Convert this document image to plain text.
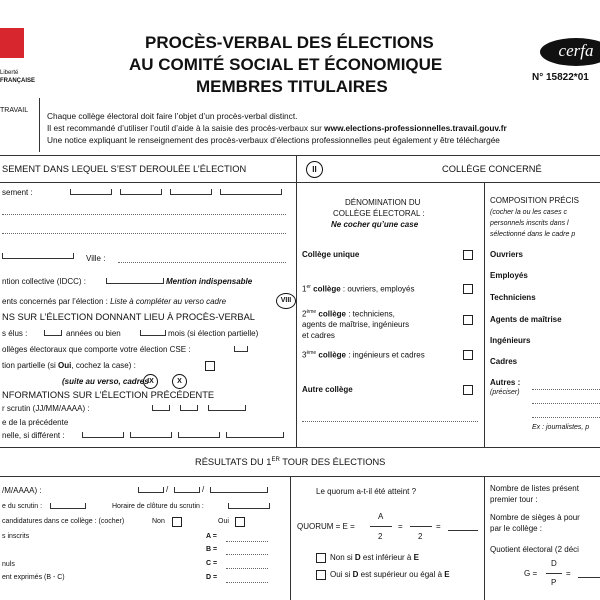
Liberté
FRANÇAISE
TRAVAIL
PROCÈS-VERBAL DES ÉLECTIONS
AU COMITÉ SOCIAL ET ÉCONOMIQUE
MEMBRES TITULAIRES
cerfa
N° 15822*01
Chaque collège électoral doit faire l’objet d’un procès-verbal distinct.
Il est recommandé d’utiliser l’outil d’aide à la saisie des procès-verbaux sur www.elections-professionnelles.travail.gouv.fr
Une notice expliquant le renseignement des procès-verbaux d’élections professionnelles peut également y être téléchargée
SEMENT DANS LEQUEL S’EST DEROULÉE L’ÉLECTION
sement :
Ville :
ntion collective (IDCC) :	Mention indispensable
ents concernés par l’élection : Liste à compléter au verso cadre	VIII
NS SUR L’ÉLECTION DONNANT LIEU À PROCÈS-VERBAL
s élus :	années ou bien	mois (si élection partielle)
ollèges électoraux que comporte votre élection CSE :
tion partielle (si Oui, cochez la case) :
(suite au verso, cadres
IX	X
NFORMATIONS SUR L’ÉLECTION PRÉCÉDENTE
r scrutin (JJ/MM/AAAA) :
e de la précédente
nelle, si différent :
II	COLLÈGE CONCERNÉ
DÉNOMINATION DU
COLLÈGE ÉLECTORAL :
Ne cocher qu’une case
Collège unique
1er collège : ouvriers, employés
2ème collège : techniciens,
agents de maîtrise, ingénieurs
et cadres
3ème collège : ingénieurs et cadres
Autre collège
COMPOSITION PRÉCIS
(cocher la ou les cases c
personnels inscrits dans l
sélectionné dans le cadre p
Ouvriers
Employés
Techniciens
Agents de maîtrise
Ingénieurs
Cadres
Autres :
(préciser)
Ex : journalistes, p
RÉSULTATS DU 1ER TOUR DES ÉLECTIONS
/M/AAAA) :	/	/
e du scrutin :	Horaire de clôture du scrutin :
candidatures dans ce collège : (cocher)	Non	Oui
s inscrits	A =
B =
nuls	C =
ent exprimés (B - C)	D =
Le quorum a-t-il été atteint ?
QUORUM = E =
A
2
=
2
=
Non si D est inférieur à E
Oui si D est supérieur ou égal à E
Nombre de listes présent
premier tour :
Nombre de sièges à pour
par le collège :
Quotient électoral (2 déci
G =
D
P
=
